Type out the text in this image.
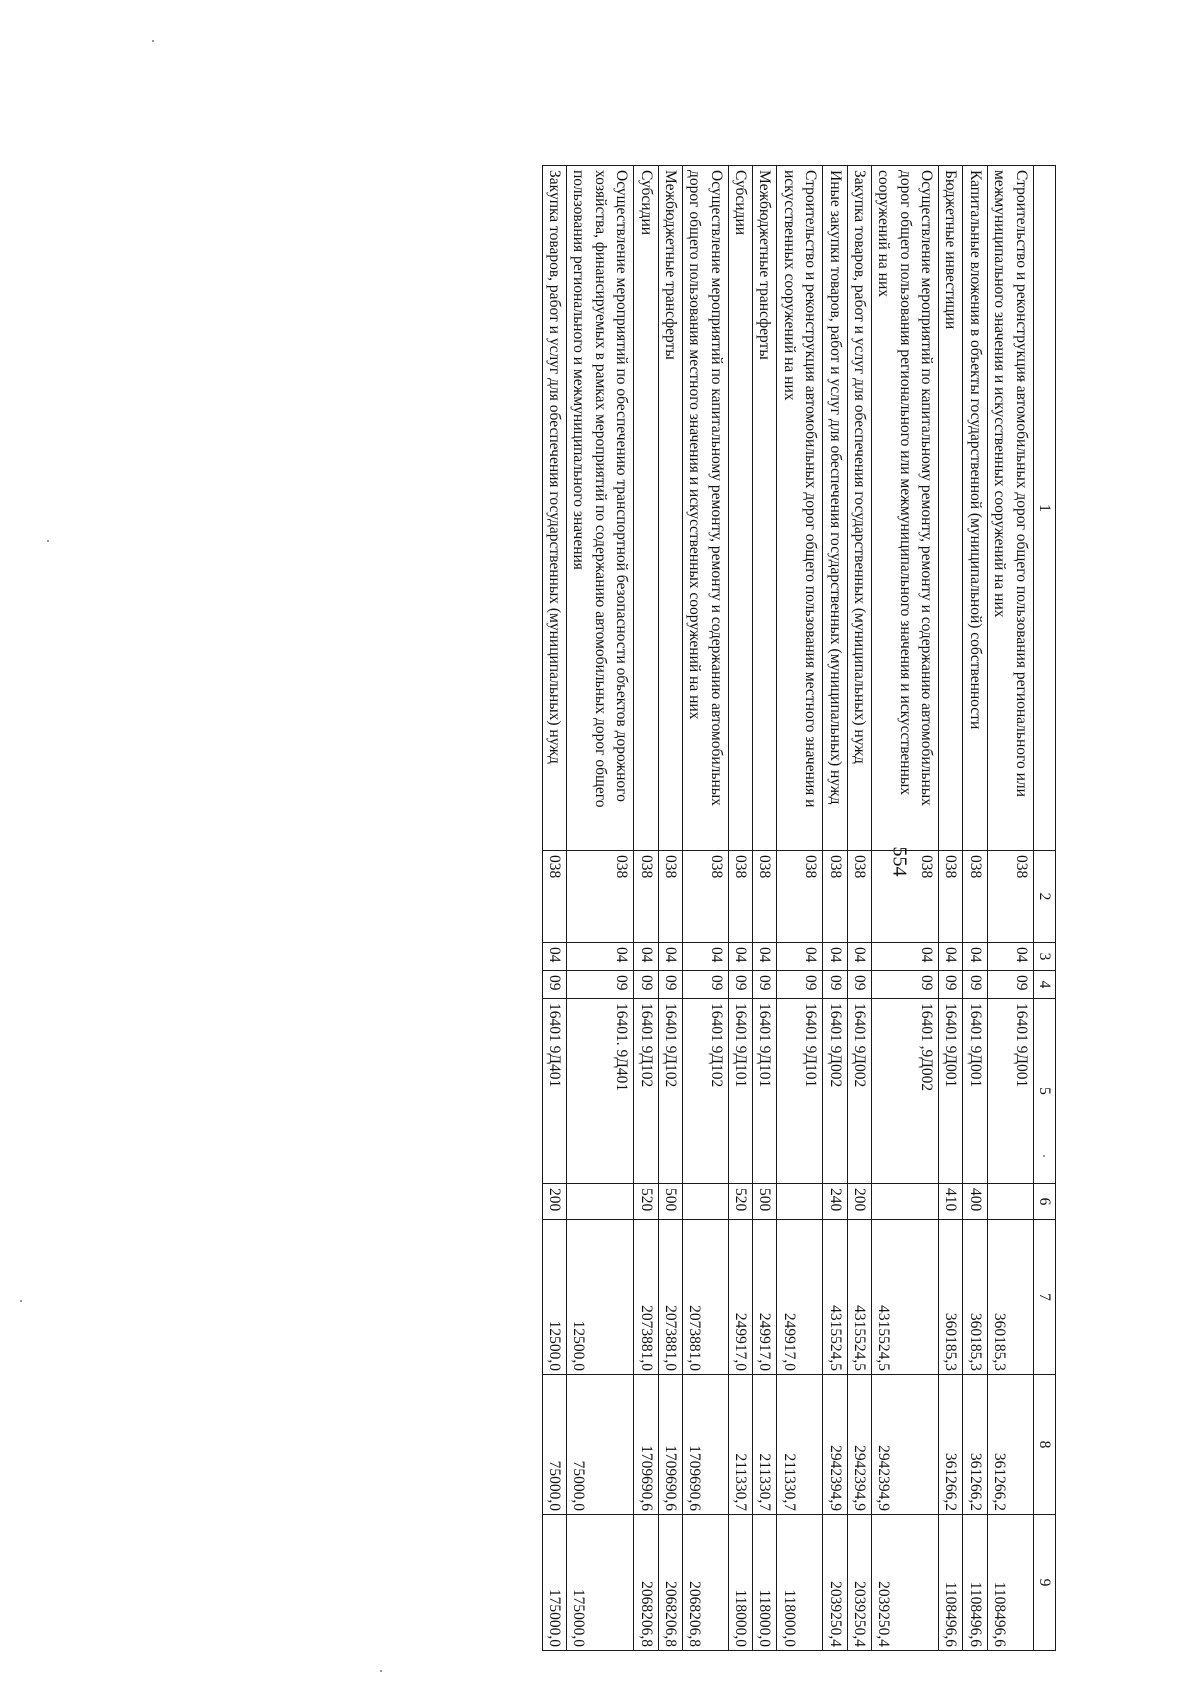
554
1	2	3	4	5	6	7	8	9
Строительство и реконструкция автомобильных дорог общего пользования регионального или межмуниципального значения и искусственных сооружений на них	038	04	09	16401 9Д001		360185,3	361266,2	1108496,6
Капитальные вложения в объекты государственной (муниципальной) собственности	038	04	09	16401 9Д001	400	360185,3	361266,2	1108496,6
Бюджетные инвестиции	038	04	09	16401 9Д001	410	360185,3	361266,2	1108496,6
Осуществление мероприятий по капитальному ремонту, ремонту и содержанию автомобильных дорог общего пользования регионального или межмуниципального значения и искусственных сооружений на них	038	04	09	16401 ,9Д002		4315524,5	2942394,9	2039250,4
Закупка товаров, работ и услуг для обеспечения государственных (муниципальных) нужд	038	04	09	16401 9Д002	200	4315524,5	2942394,9	2039250,4
Иные закупки товаров, работ и услуг для обеспечения государственных (муниципальных) нужд	038	04	09	16401 9Д002	240	4315524,5	2942394,9	2039250,4
Строительство и реконструкция автомобильных дорог общего пользования местного значения и искусственных сооружений на них	038	04	09	16401 9Д101		249917,0	211330,7	118000,0
Межбюджетные трансферты	038	04	09	16401 9Д101	500	249917,0	211330,7	118000,0
Субсидии	038	04	09	16401 9Д101	520	249917,0	211330,7	118000,0
Осуществление мероприятий по капитальному ремонту, ремонту и содержанию автомобильных дорог общего пользования местного значения и искусственных сооружений на них	038	04	09	16401 9Д102		2073881,0	1709690,6	2068206,8
Межбюджетные трансферты	038	04	09	16401 9Д102	500	2073881,0	1709690,6	2068206,8
Субсидии	038	04	09	16401 9Д102	520	2073881,0	1709690,6	2068206,8
Осуществление мероприятий по обеспечению транспортной безопасности объектов дорожного хозяйства, финансируемых в рамках мероприятий по содержанию автомобильных дорог общего пользования регионального и межмуниципального значения	038	04	09	16401. 9Д401		12500,0	75000,0	175000,0
Закупка товаров, работ и услуг для обеспечения государственных (муниципальных) нужд	038	04	09	16401 9Д401	200	12500,0	75000,0	175000,0
